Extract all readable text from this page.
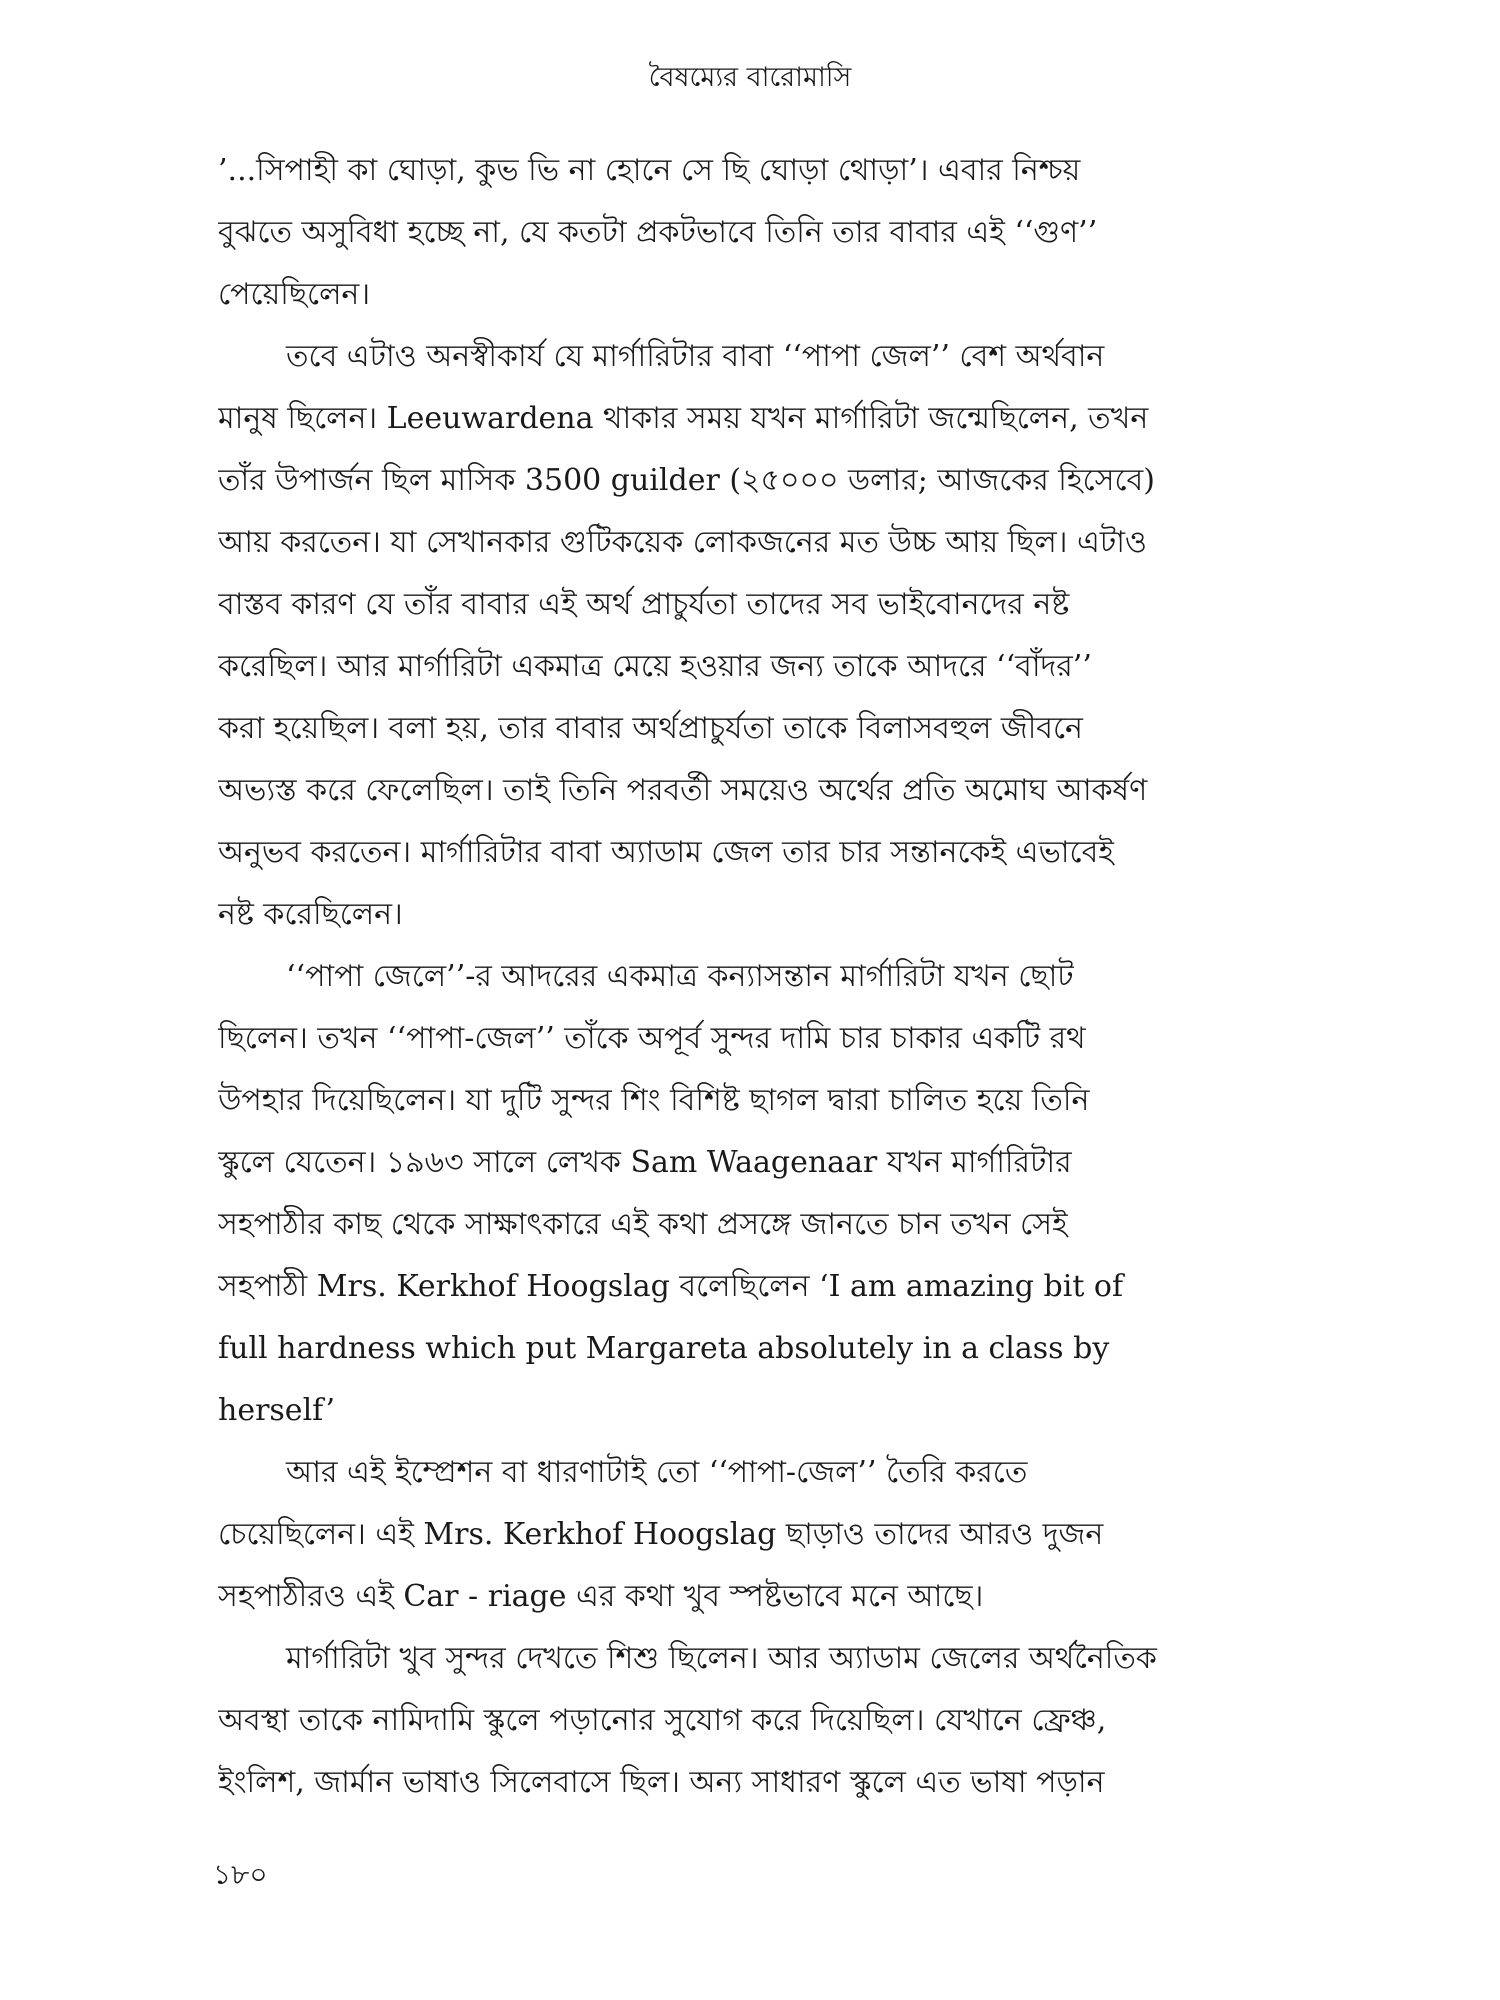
বৈষম্যের বারোমাসি
’...সিপাহী কা ঘোড়া, কুভ ভি না হোনে সে ছি ঘোড়া থোড়া’। এবার নিশ্চয়
বুঝতে অসুবিধা হচ্ছে না, যে কতটা প্রকটভাবে তিনি তার বাবার এই ‘‘গুণ’’
পেয়েছিলেন।
তবে এটাও অনস্বীকার্য যে মার্গারিটার বাবা ‘‘পাপা জেল’’ বেশ অর্থবান
মানুষ ছিলেন। Leeuwardena থাকার সময় যখন মার্গারিটা জন্মেছিলেন, তখন
তাঁর উপার্জন ছিল মাসিক 3500 guilder (২৫০০০ ডলার; আজকের হিসেবে)
আয় করতেন। যা সেখানকার গুটিকয়েক লোকজনের মত উচ্চ আয় ছিল। এটাও
বাস্তব কারণ যে তাঁর বাবার এই অর্থ প্রাচুর্যতা তাদের সব ভাইবোনদের নষ্ট
করেছিল। আর মার্গারিটা একমাত্র মেয়ে হওয়ার জন্য তাকে আদরে ‘‘বাঁদর’’
করা হয়েছিল। বলা হয়, তার বাবার অর্থপ্রাচুর্যতা তাকে বিলাসবহুল জীবনে
অভ্যস্ত করে ফেলেছিল। তাই তিনি পরবর্তী সময়েও অর্থের প্রতি অমোঘ আকর্ষণ
অনুভব করতেন। মার্গারিটার বাবা অ্যাডাম জেল তার চার সন্তানকেই এভাবেই
নষ্ট করেছিলেন।
‘‘পাপা জেলে’’-র আদরের একমাত্র কন্যাসন্তান মার্গারিটা যখন ছোট
ছিলেন। তখন ‘‘পাপা-জেল’’ তাঁকে অপূর্ব সুন্দর দামি চার চাকার একটি রথ
উপহার দিয়েছিলেন। যা দুটি সুন্দর শিং বিশিষ্ট ছাগল দ্বারা চালিত হয়ে তিনি
স্কুলে যেতেন। ১৯৬৩ সালে লেখক Sam Waagenaar যখন মার্গারিটার
সহপাঠীর কাছ থেকে সাক্ষাৎকারে এই কথা প্রসঙ্গে জানতে চান তখন সেই
সহপাঠী Mrs. Kerkhof Hoogslag বলেছিলেন ‘I am amazing bit of
full hardness which put Margareta absolutely in a class by
herself’
আর এই ইম্প্রেশন বা ধারণাটাই তো ‘‘পাপা-জেল’’ তৈরি করতে
চেয়েছিলেন। এই Mrs. Kerkhof Hoogslag ছাড়াও তাদের আরও দুজন
সহপাঠীরও এই Car - riage এর কথা খুব স্পষ্টভাবে মনে আছে।
মার্গারিটা খুব সুন্দর দেখতে শিশু ছিলেন। আর অ্যাডাম জেলের অর্থনৈতিক
অবস্থা তাকে নামিদামি স্কুলে পড়ানোর সুযোগ করে দিয়েছিল। যেখানে ফ্রেঞ্চ,
ইংলিশ, জার্মান ভাষাও সিলেবাসে ছিল। অন্য সাধারণ স্কুলে এত ভাষা পড়ান
১৮০
